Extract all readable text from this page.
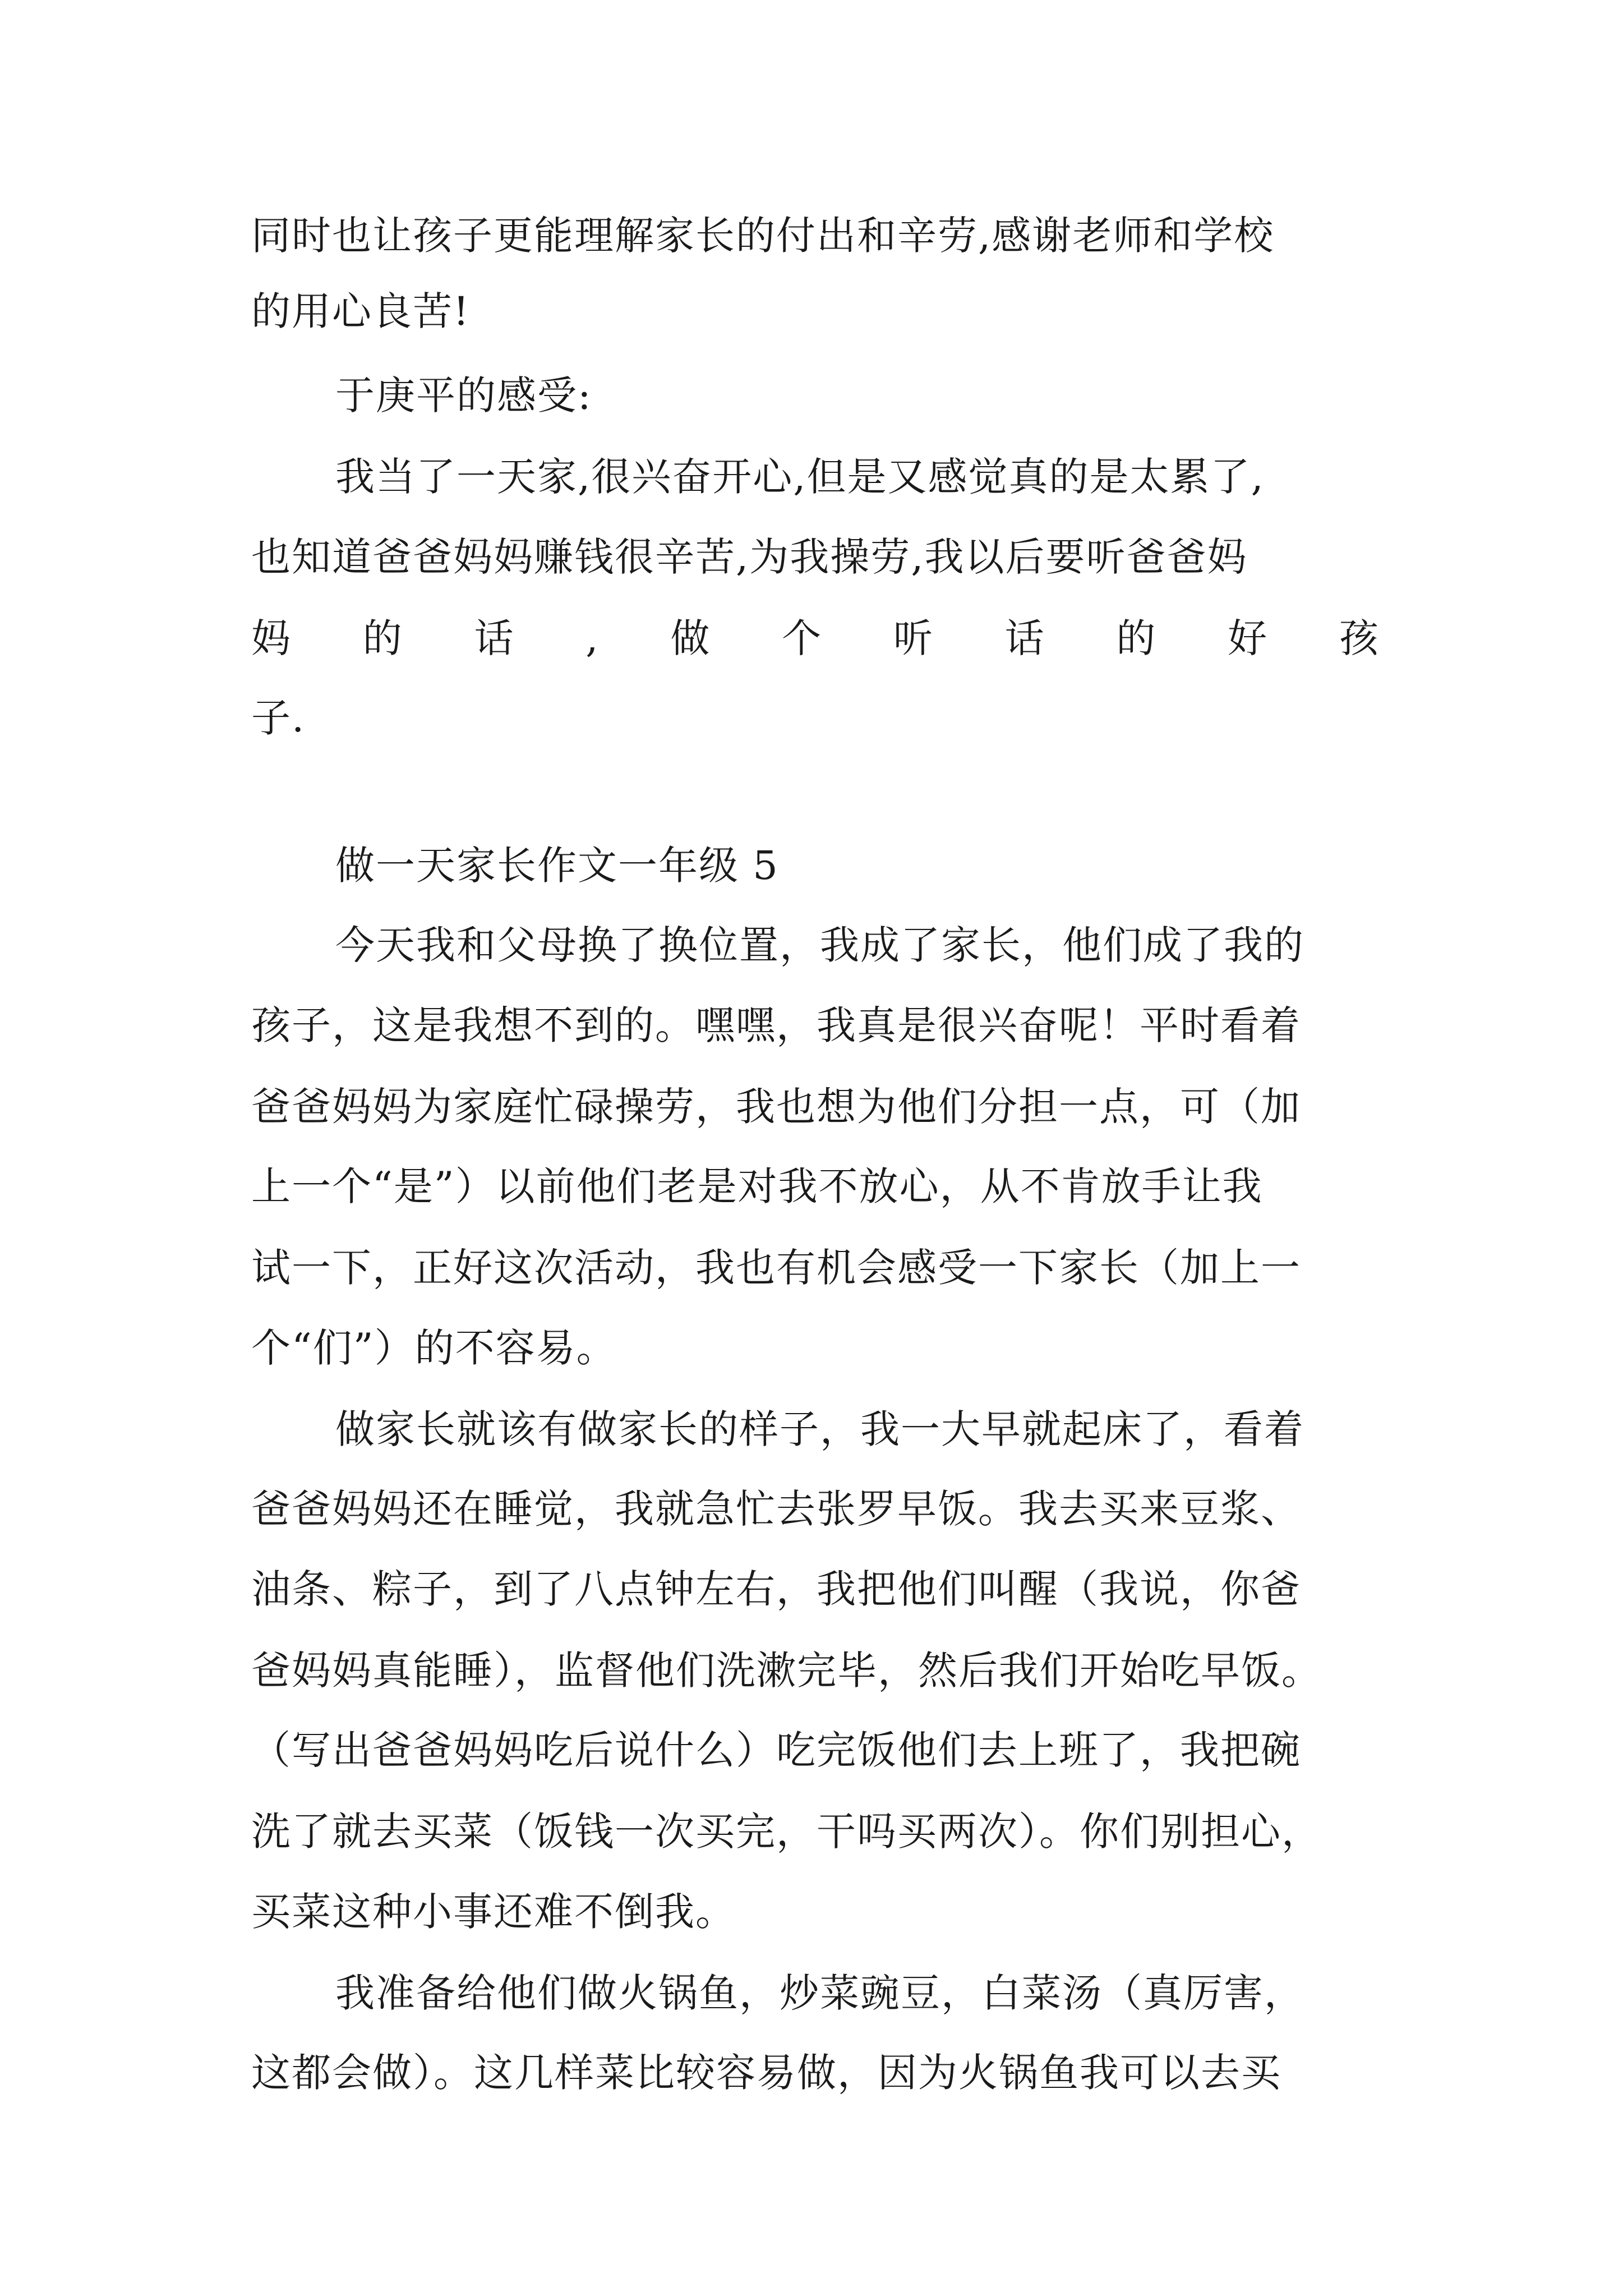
同时也让孩子更能理解家长的付出和辛劳,感谢老师和学校
的用心良苦!
于庚平的感受:
我当了一天家,很兴奋开心,但是又感觉真的是太累了,
也知道爸爸妈妈赚钱很辛苦,为我操劳,我以后要听爸爸妈
妈 的 话 , 做 个 听 话 的 好 孩
子.
做一天家长作文一年级 5
今天我和父母换了换位置，我成了家长，他们成了我的
孩子，这是我想不到的。嘿嘿，我真是很兴奋呢！平时看着
爸爸妈妈为家庭忙碌操劳，我也想为他们分担一点，可（加
上一个“是”）以前他们老是对我不放心，从不肯放手让我
试一下，正好这次活动，我也有机会感受一下家长（加上一
个“们”）的不容易。
做家长就该有做家长的样子，我一大早就起床了，看着
爸爸妈妈还在睡觉，我就急忙去张罗早饭。我去买来豆浆、
油条、粽子，到了八点钟左右，我把他们叫醒（我说，你爸
爸妈妈真能睡），监督他们洗漱完毕，然后我们开始吃早饭。
（写出爸爸妈妈吃后说什么）吃完饭他们去上班了，我把碗
洗了就去买菜（饭钱一次买完，干吗买两次）。你们别担心，
买菜这种小事还难不倒我。
我准备给他们做火锅鱼，炒菜豌豆，白菜汤（真厉害，
这都会做）。这几样菜比较容易做，因为火锅鱼我可以去买
